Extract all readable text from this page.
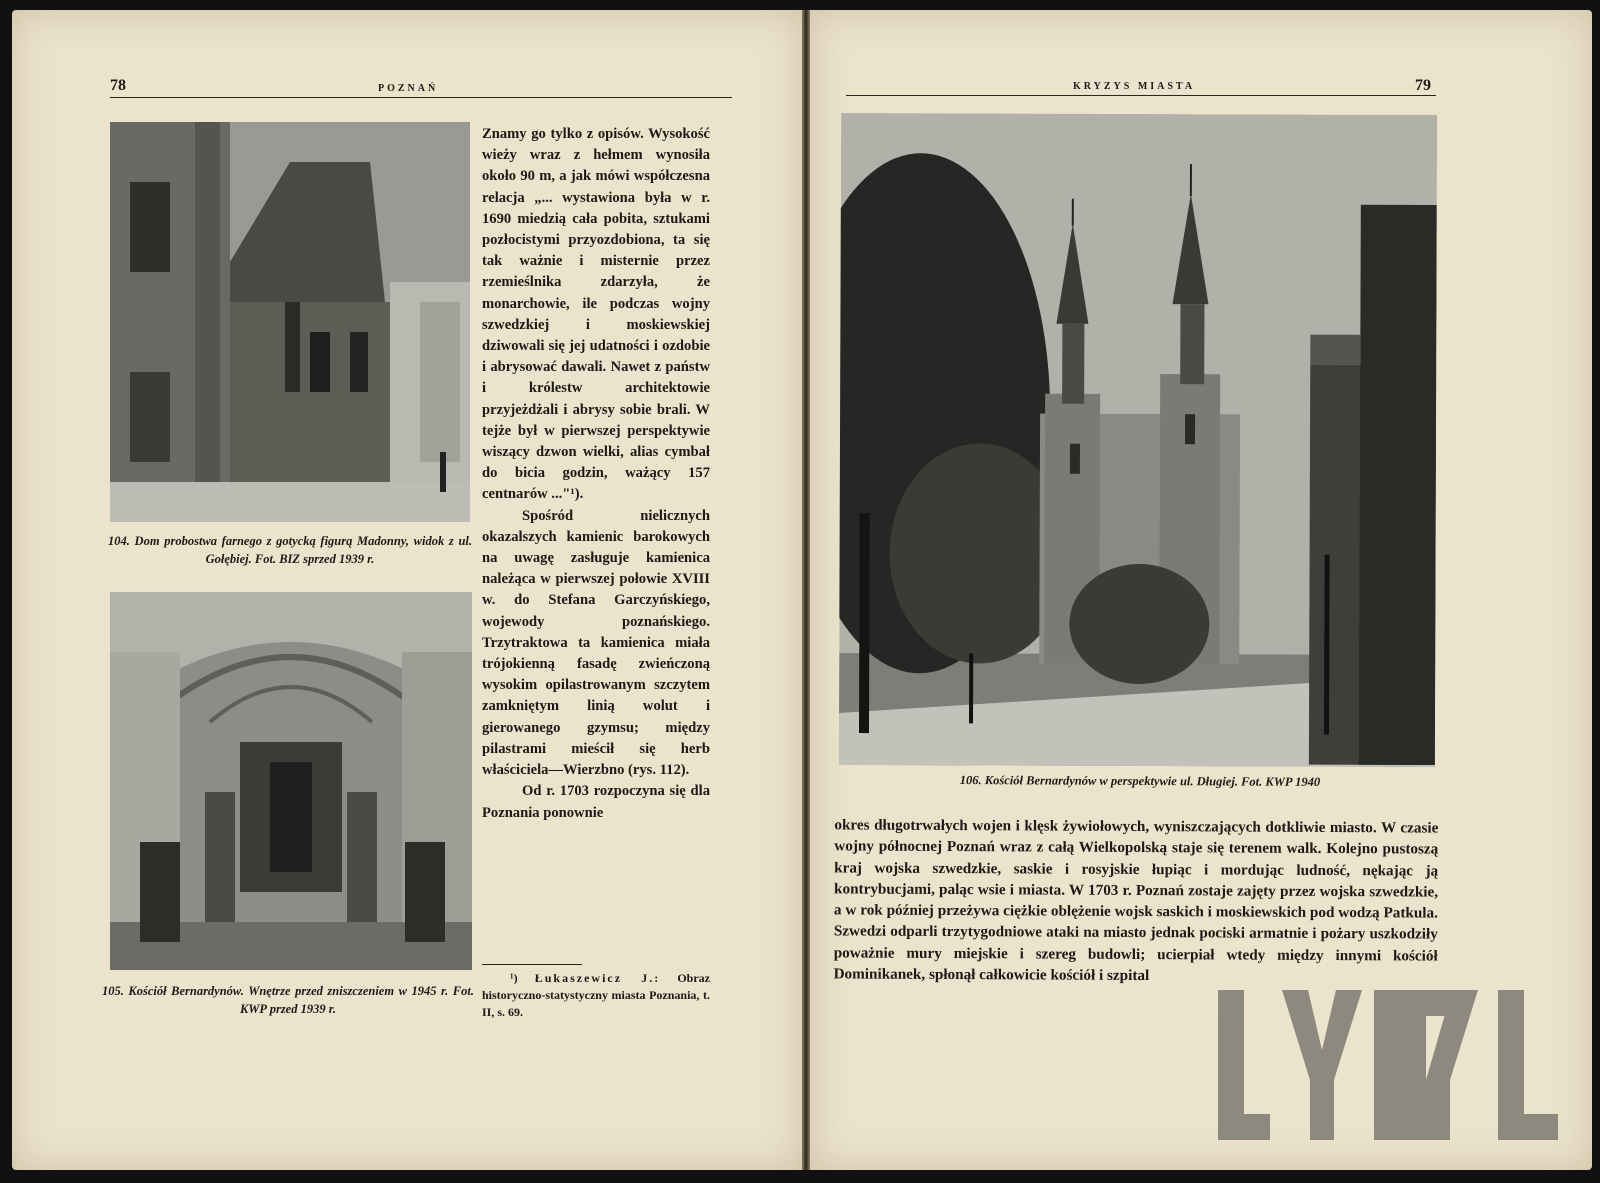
78	POZNAŃ
104. Dom probostwa farnego z gotycką figurą Madonny, widok z ul. Gołębiej. Fot. BIZ sprzed 1939 r.
105. Kościół Bernardynów. Wnętrze przed zniszczeniem w 1945 r. Fot. KWP przed 1939 r.

Znamy go tylko z opisów. Wysokość wieży wraz z hełmem wynosiła około 90 m, a jak mówi współczesna relacja „... wystawiona była w r. 1690 miedzią cała pobita, sztukami pozłocistymi przyozdobiona, ta się tak ważnie i misternie przez rzemieślnika zdarzyła, że monarchowie, ile podczas wojny szwedzkiej i moskiewskiej dziwowali się jej udatności i ozdobie i abrysować dawali. Nawet z państw i królestw architektowie przyjeżdżali i abrysy sobie brali. W tejże był w pierwszej perspektywie wiszący dzwon wielki, alias cymbał do bicia godzin, ważący 157 centnarów ..."¹).

Spośród nielicznych okazalszych kamienic barokowych na uwagę zasługuje kamienica należąca w pierwszej połowie XVIII w. do Stefana Garczyńskiego, wojewody poznańskiego. Trzytraktowa ta kamienica miała trójokienną fasadę zwieńczoną wysokim opilastrowanym szczytem zamkniętym linią wolut i gierowanego gzymsu; między pilastrami mieścił się herb właściciela—Wierzbno (rys. 112).

Od r. 1703 rozpoczyna się dla Poznania ponownie

¹) Łukaszewicz J.: Obraz historyczno-statystyczny miasta Poznania, t. II, s. 69.
KRYZYS MIASTA	79
106. Kościół Bernardynów w perspektywie ul. Długiej. Fot. KWP 1940
okres długotrwałych wojen i klęsk żywiołowych, wyniszczających dotkliwie miasto. W czasie wojny północnej Poznań wraz z całą Wielkopolską staje się terenem walk. Kolejno pustoszą kraj wojska szwedzkie, saskie i rosyjskie łupiąc i mordując ludność, nękając ją kontrybucjami, paląc wsie i miasta. W 1703 r. Poznań zostaje zajęty przez wojska szwedzkie, a w rok później przeżywa ciężkie oblężenie wojsk saskich i moskiewskich pod wodzą Patkula. Szwedzi odparli trzytygodniowe ataki na miasto jednak pociski armatnie i pożary uszkodziły poważnie mury miejskie i szereg budowli; ucierpiał wtedy między innymi kościół Dominikanek, spłonął całkowicie kościół i szpital
